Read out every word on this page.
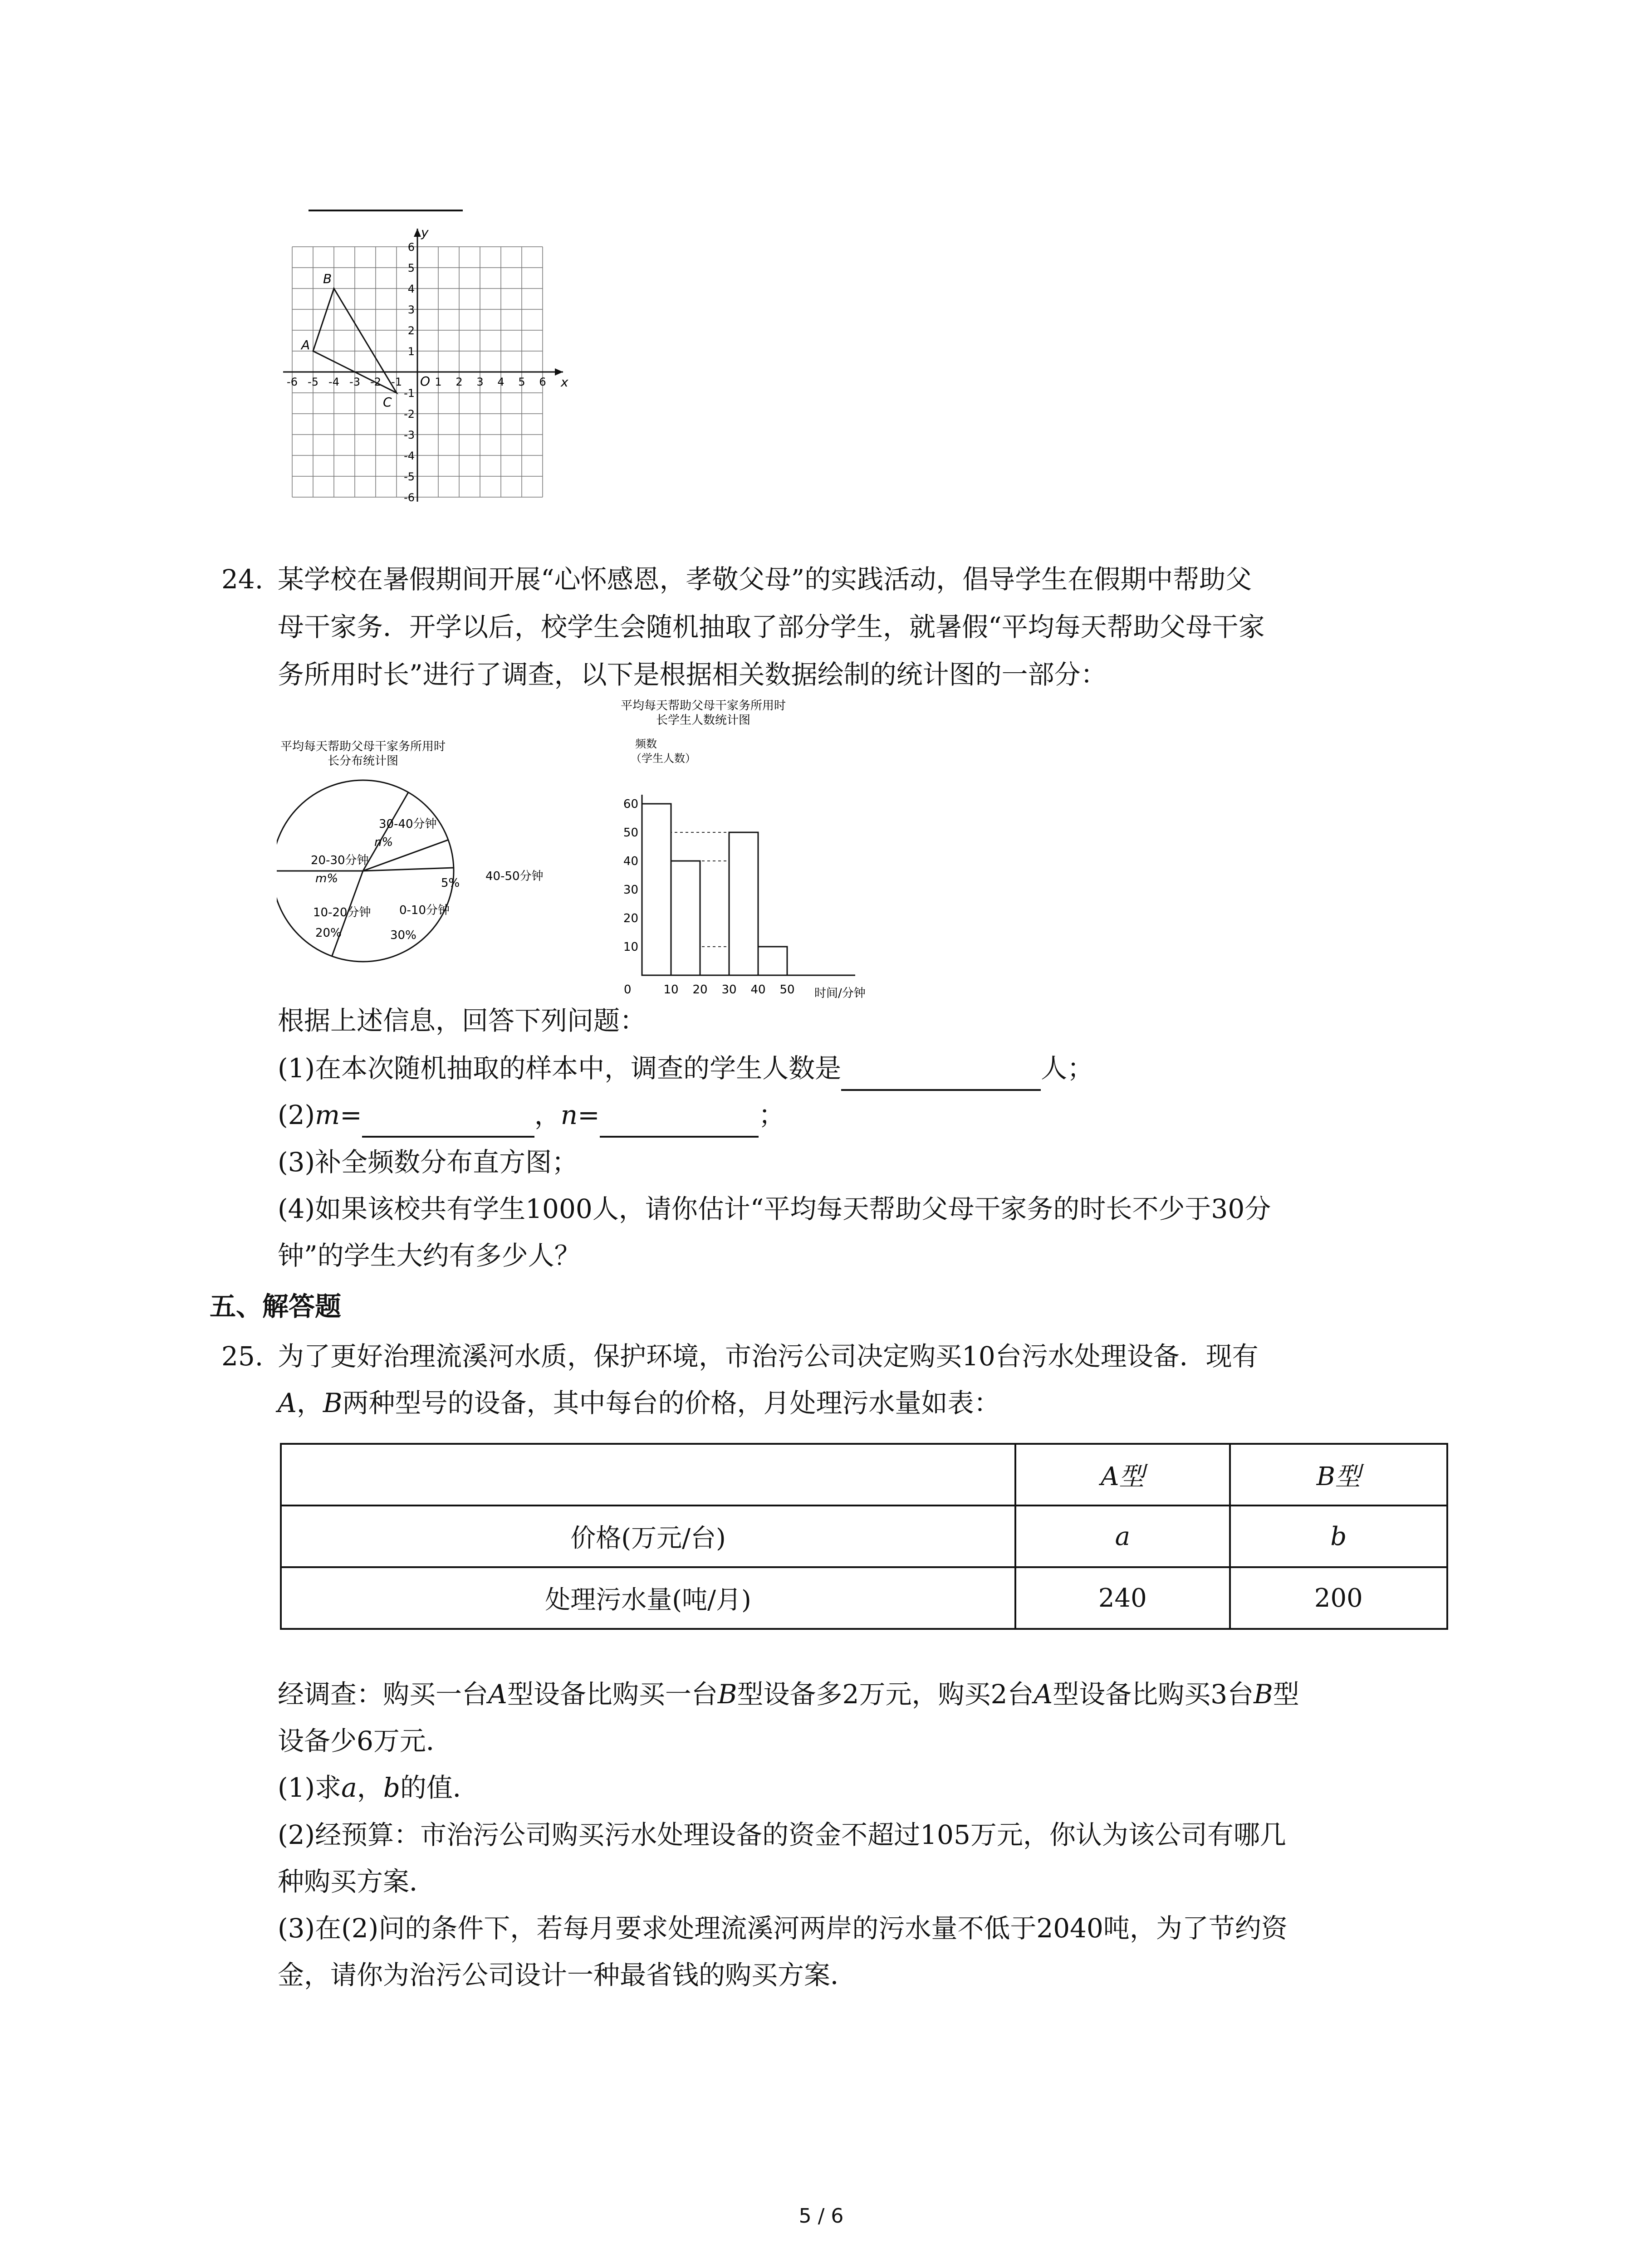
x
y
O
-6 -5 -4 -3 -2 -1	1 2 3 4 5 6
6
5
4
3
2
1
-1
-2
-3
-4
-5
-6
A
B
C
24. 某学校在暑假期间开展“心怀感恩，孝敬父母”的实践活动，倡导学生在假期中帮助父
母干家务．开学以后，校学生会随机抽取了部分学生，就暑假“平均每天帮助父母干家
务所用时长”进行了调查，以下是根据相关数据绘制的统计图的一部分：
平均每天帮助父母干家务所用时
长分布统计图
30-40分钟
n%
40-50分钟
5%
0-10分钟
30%
10-20分钟
20%
20-30分钟
m%
平均每天帮助父母干家务所用时
长学生人数统计图
频数
（学生人数）
10
20
30
40
50
60
0	10 20 30 40 50 时间/分钟
根据上述信息，回答下列问题：
(1)在本次随机抽取的样本中，调查的学生人数是	人；
(2)m=	，n=	；
(3)补全频数分布直方图；
(4)如果该校共有学生1000人，请你估计“平均每天帮助父母干家务的时长不少于30分
钟”的学生大约有多少人？
五、解答题
25. 为了更好治理流溪河水质，保护环境，市治污公司决定购买10台污水处理设备．现有
A，B两种型号的设备，其中每台的价格，月处理污水量如表：
	A型	B型
价格(万元/台)	a	b
处理污水量(吨/月)	240	200
经调查：购买一台A型设备比购买一台B型设备多2万元，购买2台A型设备比购买3台B型
设备少6万元．
(1)求a，b的值．
(2)经预算：市治污公司购买污水处理设备的资金不超过105万元，你认为该公司有哪几
种购买方案．
(3)在(2)问的条件下，若每月要求处理流溪河两岸的污水量不低于2040吨，为了节约资
金，请你为治污公司设计一种最省钱的购买方案．
5 / 6
